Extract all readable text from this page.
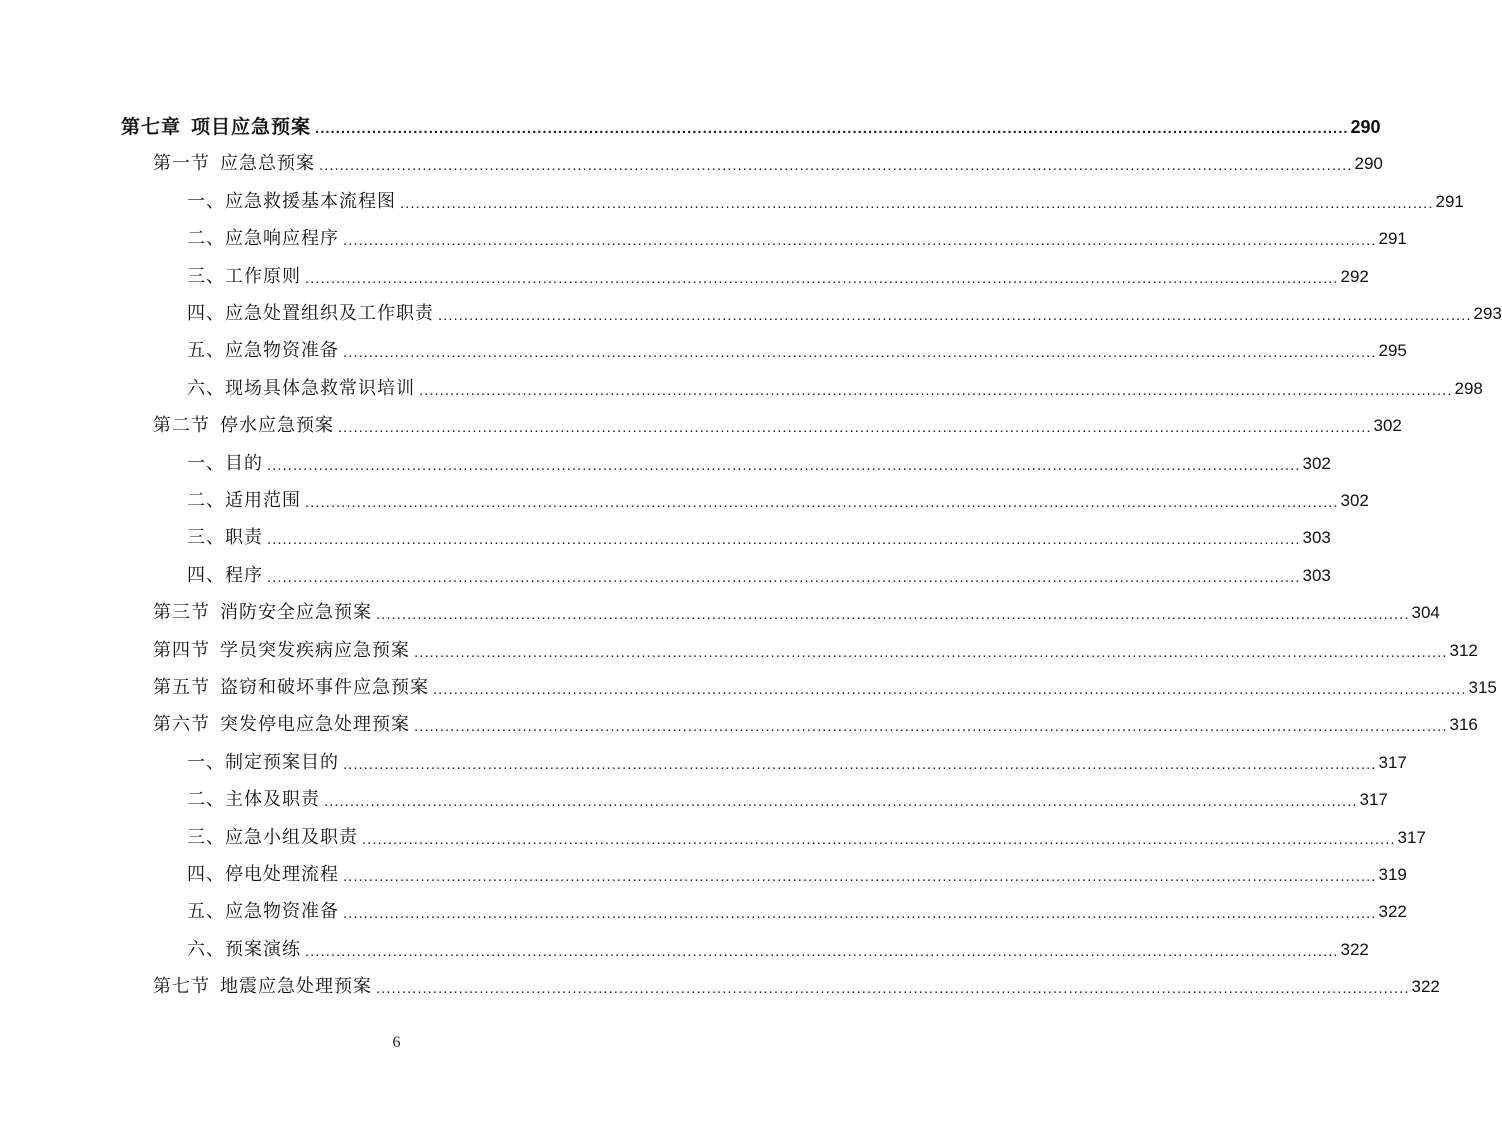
第七章 项目应急预案 ........................................................................................................................................................................................................ 290
第一节 应急总预案 ........................................................................................................................................................................................................ 290
一、应急救援基本流程图 ........................................................................................................................................................................................................ 291
二、应急响应程序 ........................................................................................................................................................................................................ 291
三、工作原则 ........................................................................................................................................................................................................ 292
四、应急处置组织及工作职责 ........................................................................................................................................................................................................ 293
五、应急物资准备 ........................................................................................................................................................................................................ 295
六、现场具体急救常识培训 ........................................................................................................................................................................................................ 298
第二节 停水应急预案 ........................................................................................................................................................................................................ 302
一、目的 ........................................................................................................................................................................................................ 302
二、适用范围 ........................................................................................................................................................................................................ 302
三、职责 ........................................................................................................................................................................................................ 303
四、程序 ........................................................................................................................................................................................................ 303
第三节 消防安全应急预案 ........................................................................................................................................................................................................ 304
第四节 学员突发疾病应急预案 ........................................................................................................................................................................................................ 312
第五节 盗窃和破坏事件应急预案 ........................................................................................................................................................................................................ 315
第六节 突发停电应急处理预案 ........................................................................................................................................................................................................ 316
一、制定预案目的 ........................................................................................................................................................................................................ 317
二、主体及职责 ........................................................................................................................................................................................................ 317
三、应急小组及职责 ........................................................................................................................................................................................................ 317
四、停电处理流程 ........................................................................................................................................................................................................ 319
五、应急物资准备 ........................................................................................................................................................................................................ 322
六、预案演练 ........................................................................................................................................................................................................ 322
第七节 地震应急处理预案 ........................................................................................................................................................................................................ 322
6
